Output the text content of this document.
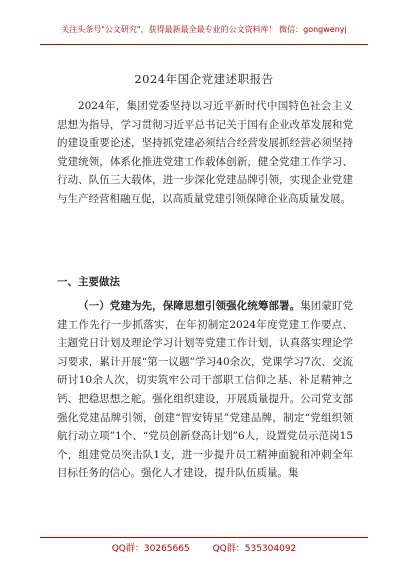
关注头条号"公文研究"，获得最新最全最专业的公文资料库！ 微信：gongwenyj
2024年国企党建述职报告
2024年，集团党委坚持以习近平新时代中国特色社会主义思想为指导，学习贯彻习近平总书记关于国有企业改革发展和党的建设重要论述，坚持抓党建必须结合经营发展抓经营必须坚持党建统领，体系化推进党建工作载体创新，健全党建工作学习、行动、队伍三大载体，进一步深化党建品牌引领，实现企业党建与生产经营相融互促，以高质量党建引领保障企业高质量发展。
一、主要做法
（一）党建为先，保障思想引领强化统筹部署。集团蒙盯党建工作先行一步抓落实，在年初制定2024年度党建工作要点、主题党日计划及理论学习计划等党建工作计划，认真落实理论学习要求，累计开展“第一议题”学习40余次，党课学习7次、交流研讨10余人次，切实筑牢公司干部职工信仰之基、补足精神之钙、把稳思想之舵。强化组织建设，开展质量提升。公司党支部强化党建品牌引领，创建“智安铸星”党建品牌，制定“党组织领航行动立项”1个、“党员创新登高计划”6人，设置党员示范岗15个，组建党员突击队1支，进一步提升员工精神面貌和冲刺全年目标任务的信心。强化人才建设，提升队伍质量。集
QQ群：30265665	QQ群：535304092
